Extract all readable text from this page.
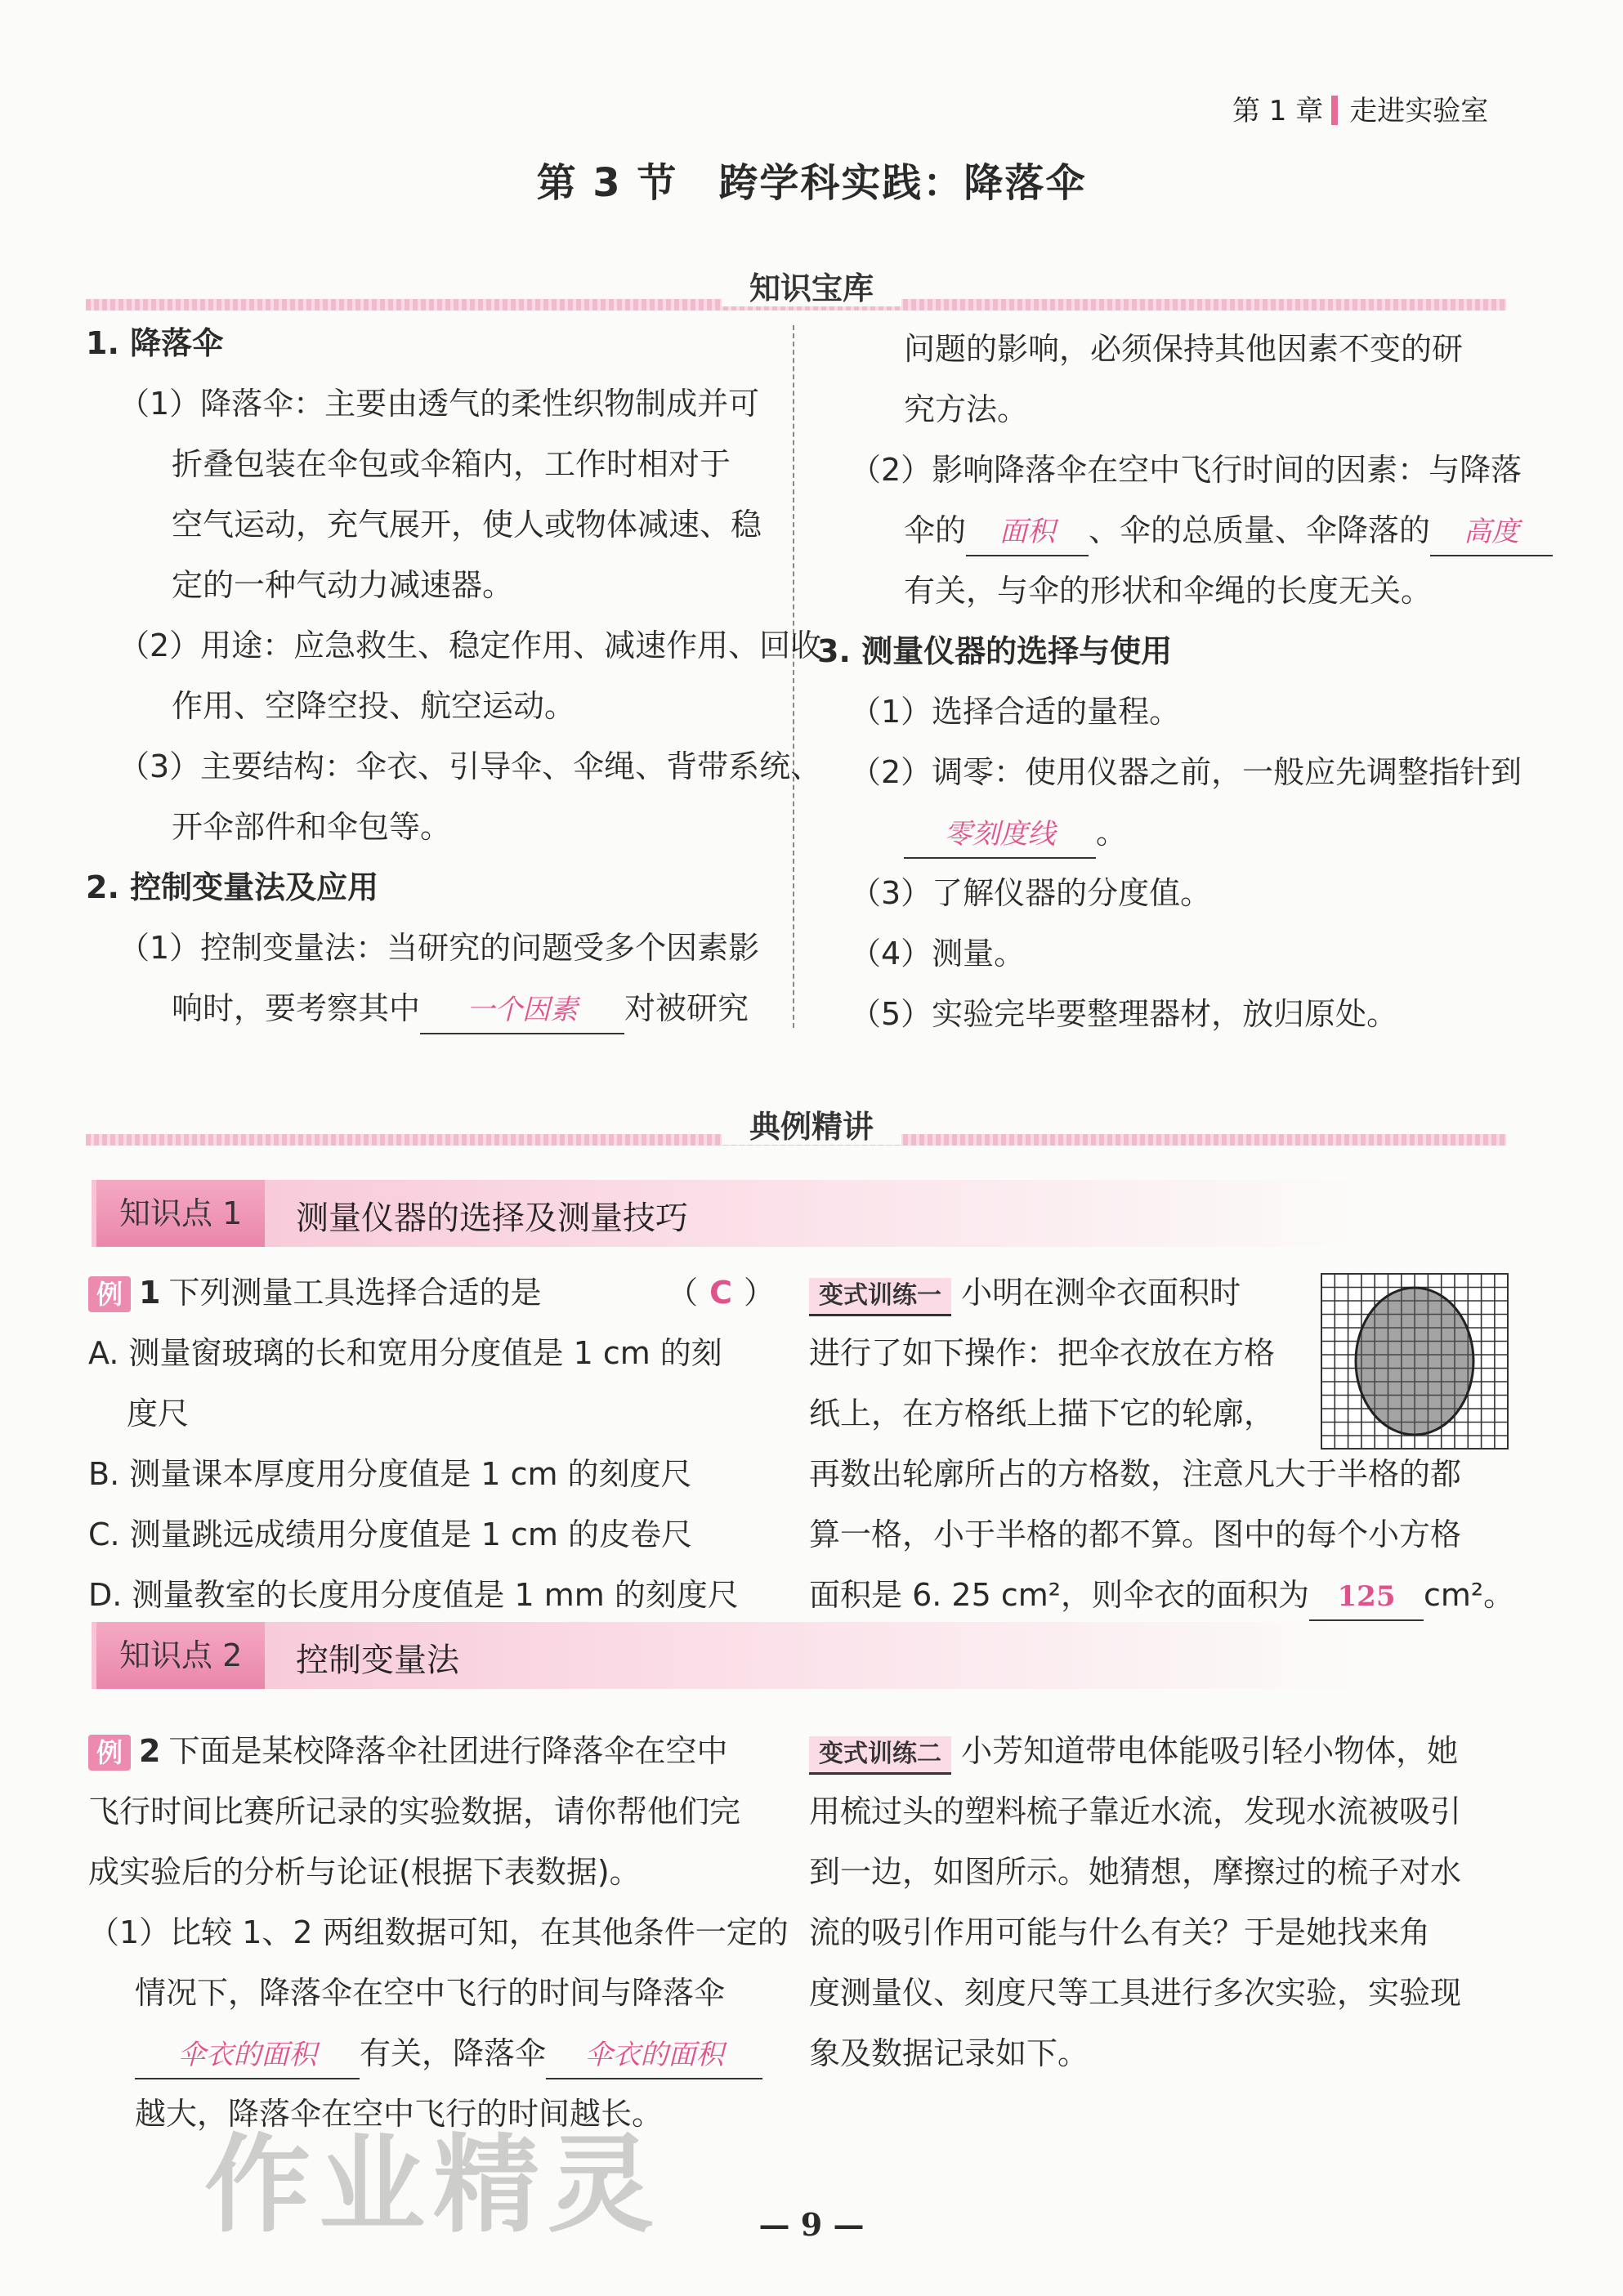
第 1 章 走进实验室
第 3 节　跨学科实践：降落伞
知识宝库
1. 降落伞
（1）降落伞：主要由透气的柔性织物制成并可
折叠包装在伞包或伞箱内，工作时相对于
空气运动，充气展开，使人或物体减速、稳
定的一种气动力减速器。
（2）用途：应急救生、稳定作用、减速作用、回收
作用、空降空投、航空运动。
（3）主要结构：伞衣、引导伞、伞绳、背带系统、
开伞部件和伞包等。
2. 控制变量法及应用
（1）控制变量法：当研究的问题受多个因素影
响时，要考察其中 一个因素 对被研究
问题的影响，必须保持其他因素不变的研
究方法。
（2）影响降落伞在空中飞行时间的因素：与降落
伞的 面积 、伞的总质量、伞降落的 高度
有关，与伞的形状和伞绳的长度无关。
3. 测量仪器的选择与使用
（1）选择合适的量程。
（2）调零：使用仪器之前，一般应先调整指针到
零刻度线 。
（3）了解仪器的分度值。
（4）测量。
（5）实验完毕要整理器材，放归原处。
典例精讲
知识点 1	测量仪器的选择及测量技巧
例 1 下列测量工具选择合适的是	（ C ）
A. 测量窗玻璃的长和宽用分度值是 1 cm 的刻
度尺
B. 测量课本厚度用分度值是 1 cm 的刻度尺
C. 测量跳远成绩用分度值是 1 cm 的皮卷尺
D. 测量教室的长度用分度值是 1 mm 的刻度尺
变式训练一 小明在测伞衣面积时
进行了如下操作：把伞衣放在方格
纸上，在方格纸上描下它的轮廓，
再数出轮廓所占的方格数，注意凡大于半格的都
算一格，小于半格的都不算。图中的每个小方格
面积是 6. 25 cm²，则伞衣的面积为 125 cm²。
知识点 2	控制变量法
例 2 下面是某校降落伞社团进行降落伞在空中
飞行时间比赛所记录的实验数据，请你帮他们完
成实验后的分析与论证(根据下表数据)。
（1）比较 1、2 两组数据可知，在其他条件一定的
情况下，降落伞在空中飞行的时间与降落伞
伞衣的面积 有关，降落伞 伞衣的面积
越大，降落伞在空中飞行的时间越长。
变式训练二 小芳知道带电体能吸引轻小物体，她
用梳过头的塑料梳子靠近水流，发现水流被吸引
到一边，如图所示。她猜想，摩擦过的梳子对水
流的吸引作用可能与什么有关？于是她找来角
度测量仪、刻度尺等工具进行多次实验，实验现
象及数据记录如下。
作业精灵	— 9 —
